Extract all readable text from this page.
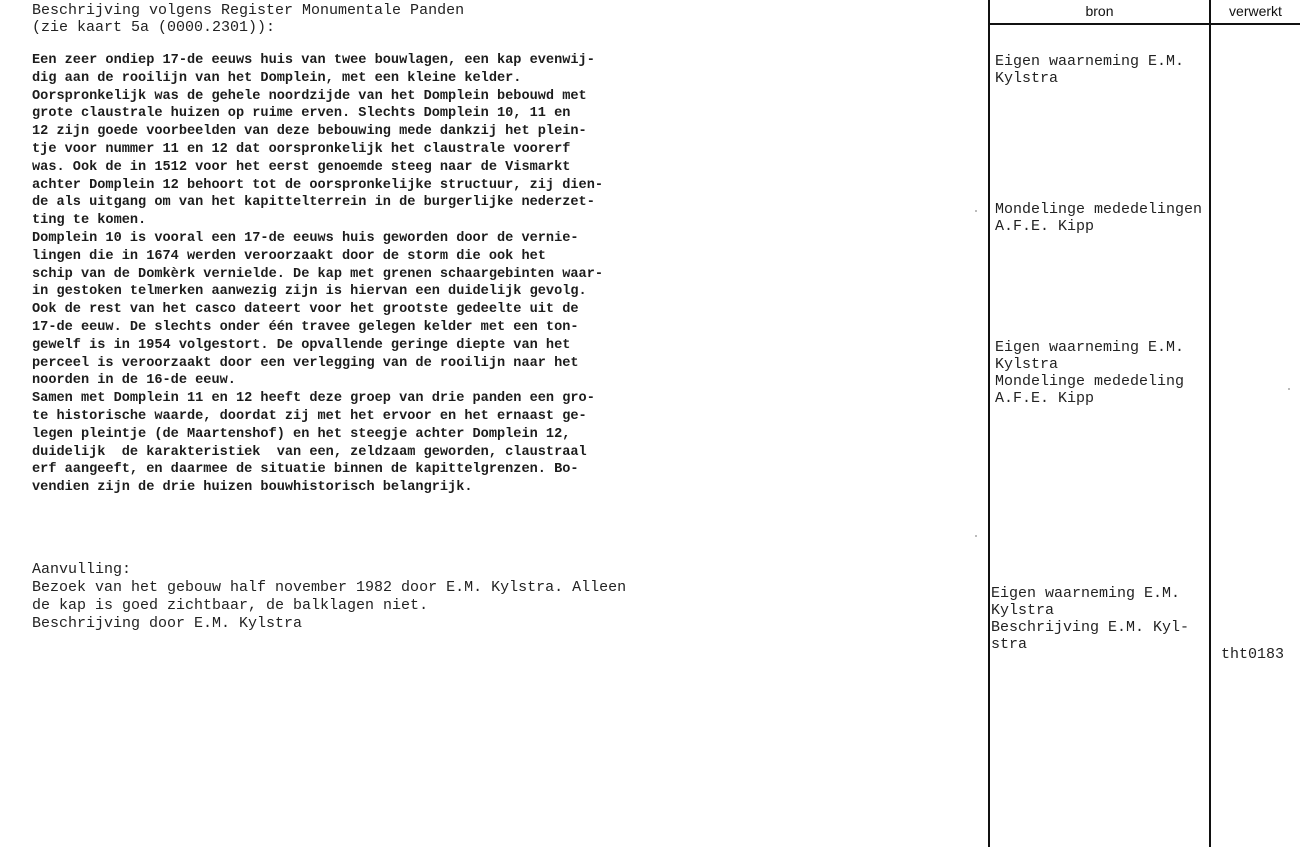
Beschrijving volgens Register Monumentale Panden
(zie kaart 5a (0000.2301)):
Een zeer ondiep 17-de eeuws huis van twee bouwlagen, een kap evenwij-
dig aan de rooilijn van het Domplein, met een kleine kelder.
Oorspronkelijk was de gehele noordzijde van het Domplein bebouwd met
grote claustrale huizen op ruime erven. Slechts Domplein 10, 11 en
12 zijn goede voorbeelden van deze bebouwing mede dankzij het plein-
tje voor nummer 11 en 12 dat oorspronkelijk het claustrale voorerf
was. Ook de in 1512 voor het eerst genoemde steeg naar de Vismarkt
achter Domplein 12 behoort tot de oorspronkelijke structuur, zij dien-
de als uitgang om van het kapittelterrein in de burgerlijke nederzet-
ting te komen.
Domplein 10 is vooral een 17-de eeuws huis geworden door de vernie-
lingen die in 1674 werden veroorzaakt door de storm die ook het
schip van de Domkèrk vernielde. De kap met grenen schaargebinten waar-
in gestoken telmerken aanwezig zijn is hiervan een duidelijk gevolg.
Ook de rest van het casco dateert voor het grootste gedeelte uit de
17-de eeuw. De slechts onder één travee gelegen kelder met een ton-
gewelf is in 1954 volgestort. De opvallende geringe diepte van het
perceel is veroorzaakt door een verlegging van de rooilijn naar het
noorden in de 16-de eeuw.
Samen met Domplein 11 en 12 heeft deze groep van drie panden een gro-
te historische waarde, doordat zij met het ervoor en het ernaast ge-
legen pleintje (de Maartenshof) en het steegje achter Domplein 12,
duidelijk  de karakteristiek  van een, zeldzaam geworden, claustraal
erf aangeeft, en daarmee de situatie binnen de kapittelgrenzen. Bo-
vendien zijn de drie huizen bouwhistorisch belangrijk.
Aanvulling:
Bezoek van het gebouw half november 1982 door E.M. Kylstra. Alleen
de kap is goed zichtbaar, de balklagen niet.
Beschrijving door E.M. Kylstra
bron	verwerkt
Eigen waarneming E.M.
Kylstra
Mondelinge mededelingen
A.F.E. Kipp
Eigen waarneming E.M.
Kylstra
Mondelinge mededeling
A.F.E. Kipp
Eigen waarneming E.M.
Kylstra
Beschrijving E.M. Kyl-
stra
tht0183
